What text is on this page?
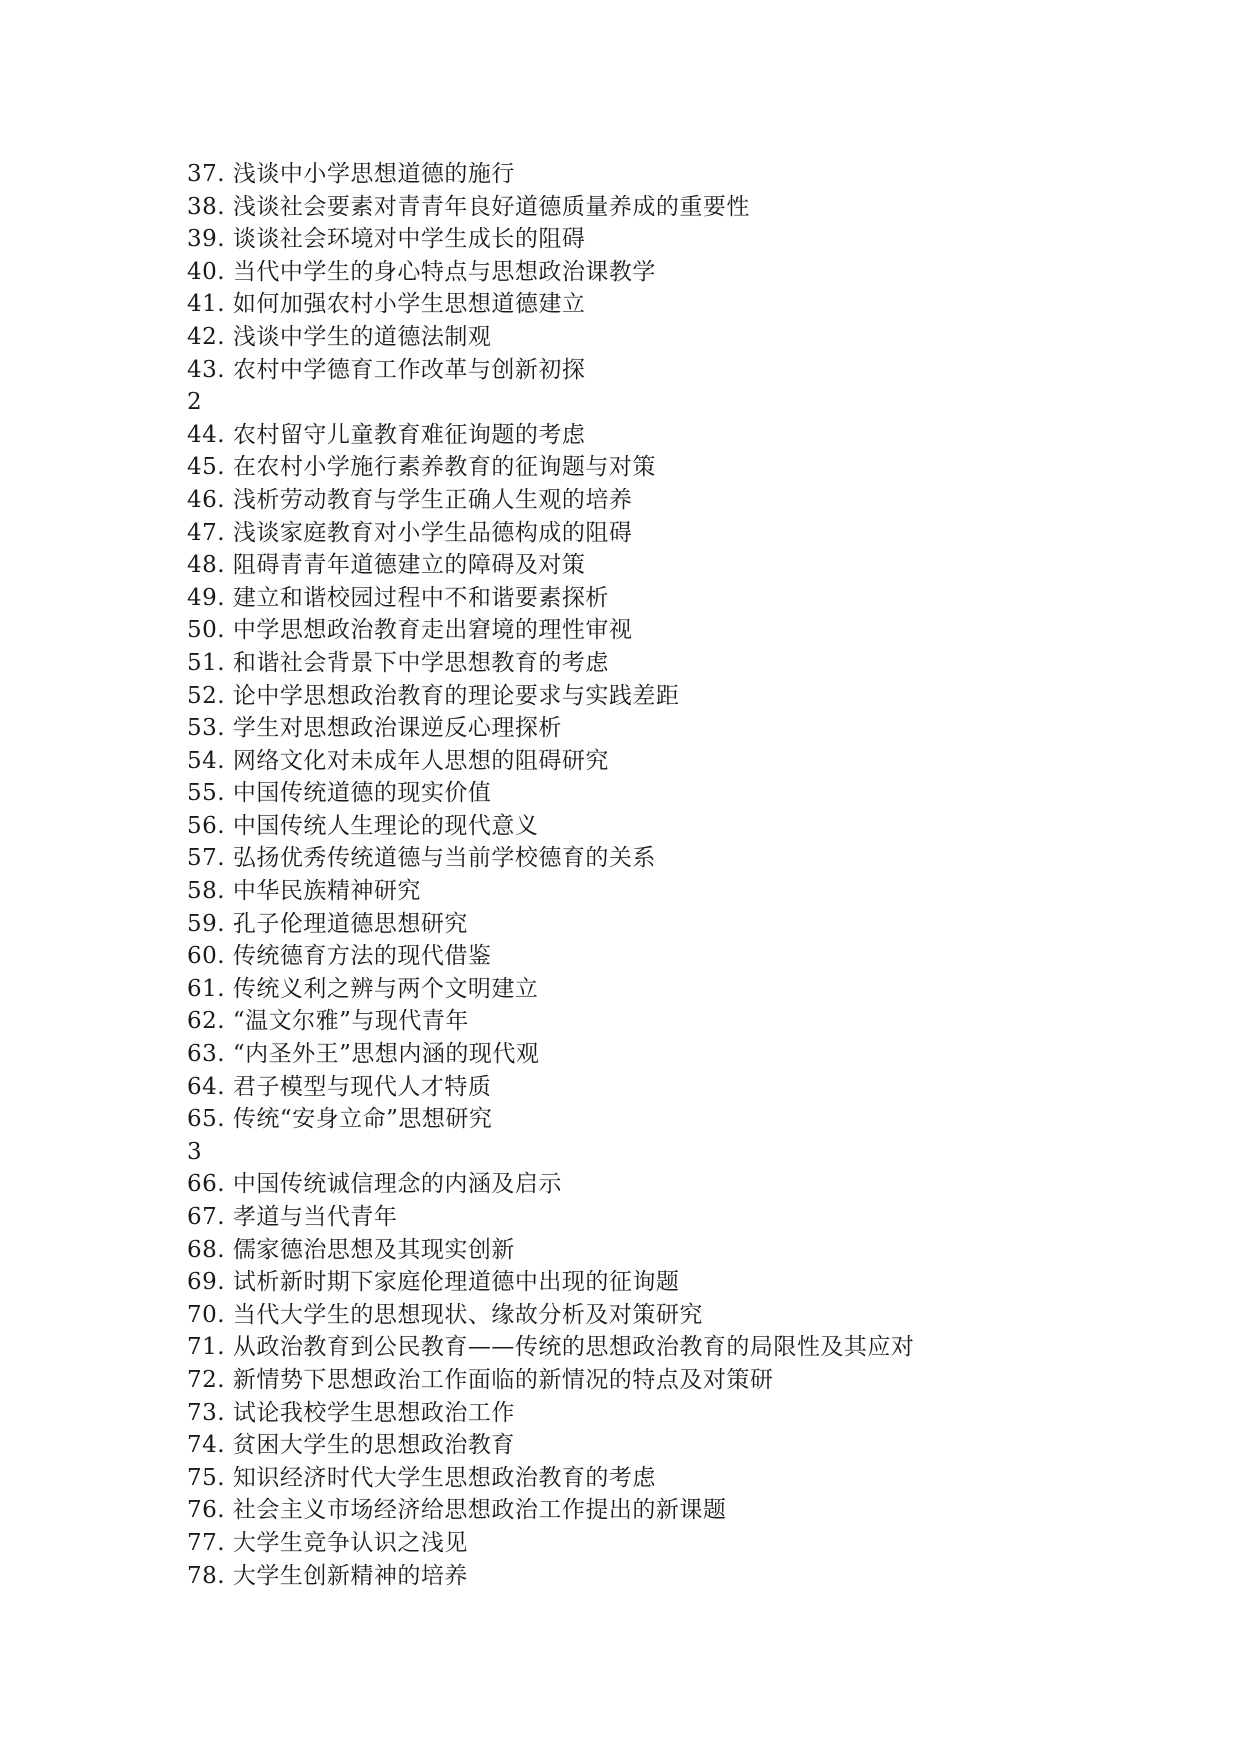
37. 浅谈中小学思想道德的施行
38. 浅谈社会要素对青青年良好道德质量养成的重要性
39. 谈谈社会环境对中学生成长的阻碍
40. 当代中学生的身心特点与思想政治课教学
41. 如何加强农村小学生思想道德建立
42. 浅谈中学生的道德法制观
43. 农村中学德育工作改革与创新初探
2
44. 农村留守儿童教育难征询题的考虑
45. 在农村小学施行素养教育的征询题与对策
46. 浅析劳动教育与学生正确人生观的培养
47. 浅谈家庭教育对小学生品德构成的阻碍
48. 阻碍青青年道德建立的障碍及对策
49. 建立和谐校园过程中不和谐要素探析
50. 中学思想政治教育走出窘境的理性审视
51. 和谐社会背景下中学思想教育的考虑
52. 论中学思想政治教育的理论要求与实践差距
53. 学生对思想政治课逆反心理探析
54. 网络文化对未成年人思想的阻碍研究
55. 中国传统道德的现实价值
56. 中国传统人生理论的现代意义
57. 弘扬优秀传统道德与当前学校德育的关系
58. 中华民族精神研究
59. 孔子伦理道德思想研究
60. 传统德育方法的现代借鉴
61. 传统义利之辨与两个文明建立
62. “温文尔雅”与现代青年
63. “内圣外王”思想内涵的现代观
64. 君子模型与现代人才特质
65. 传统“安身立命”思想研究
3
66. 中国传统诚信理念的内涵及启示
67. 孝道与当代青年
68. 儒家德治思想及其现实创新
69. 试析新时期下家庭伦理道德中出现的征询题
70. 当代大学生的思想现状、缘故分析及对策研究
71. 从政治教育到公民教育——传统的思想政治教育的局限性及其应对
72. 新情势下思想政治工作面临的新情况的特点及对策研
73. 试论我校学生思想政治工作
74. 贫困大学生的思想政治教育
75. 知识经济时代大学生思想政治教育的考虑
76. 社会主义市场经济给思想政治工作提出的新课题
77. 大学生竞争认识之浅见
78. 大学生创新精神的培养
